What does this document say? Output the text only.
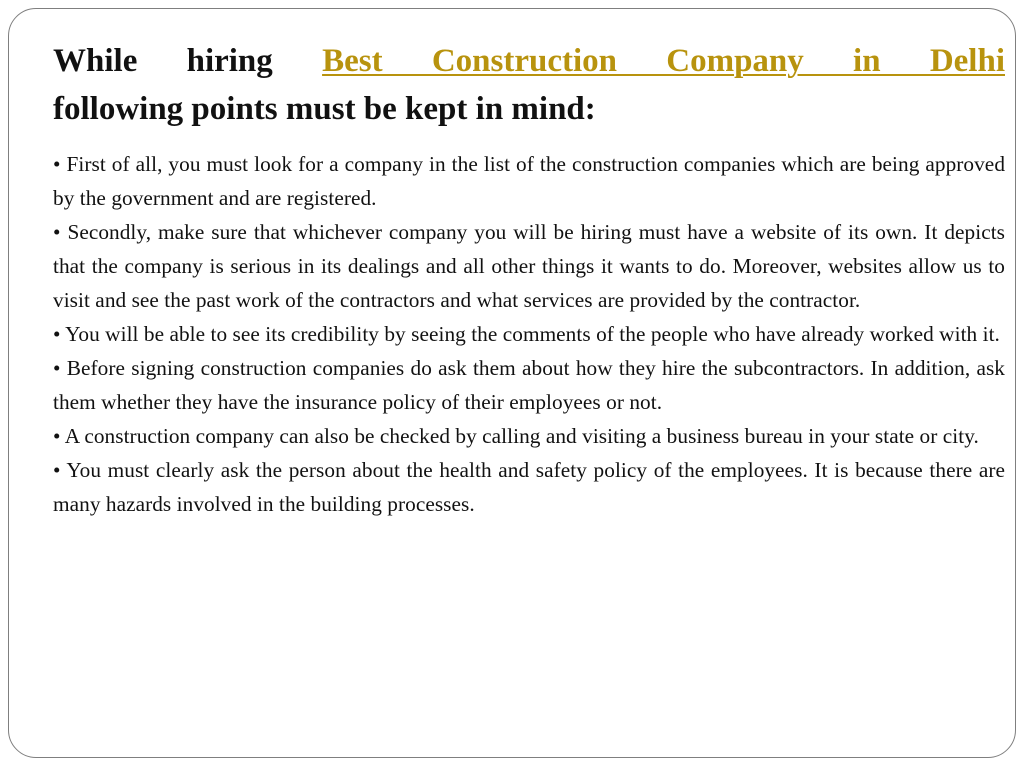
While hiring Best Construction Company in Delhi
following points must be kept in mind:
• First of all, you must look for a company in the list of the construction companies which are being approved by the government and are registered.
• Secondly, make sure that whichever company you will be hiring must have a website of its own. It depicts that the company is serious in its dealings and all other things it wants to do. Moreover, websites allow us to visit and see the past work of the contractors and what services are provided by the contractor.
• You will be able to see its credibility by seeing the comments of the people who have already worked with it.
• Before signing construction companies do ask them about how they hire the subcontractors. In addition, ask them whether they have the insurance policy of their employees or not.
• A construction company can also be checked by calling and visiting a business bureau in your state or city.
• You must clearly ask the person about the health and safety policy of the employees. It is because there are many hazards involved in the building processes.
